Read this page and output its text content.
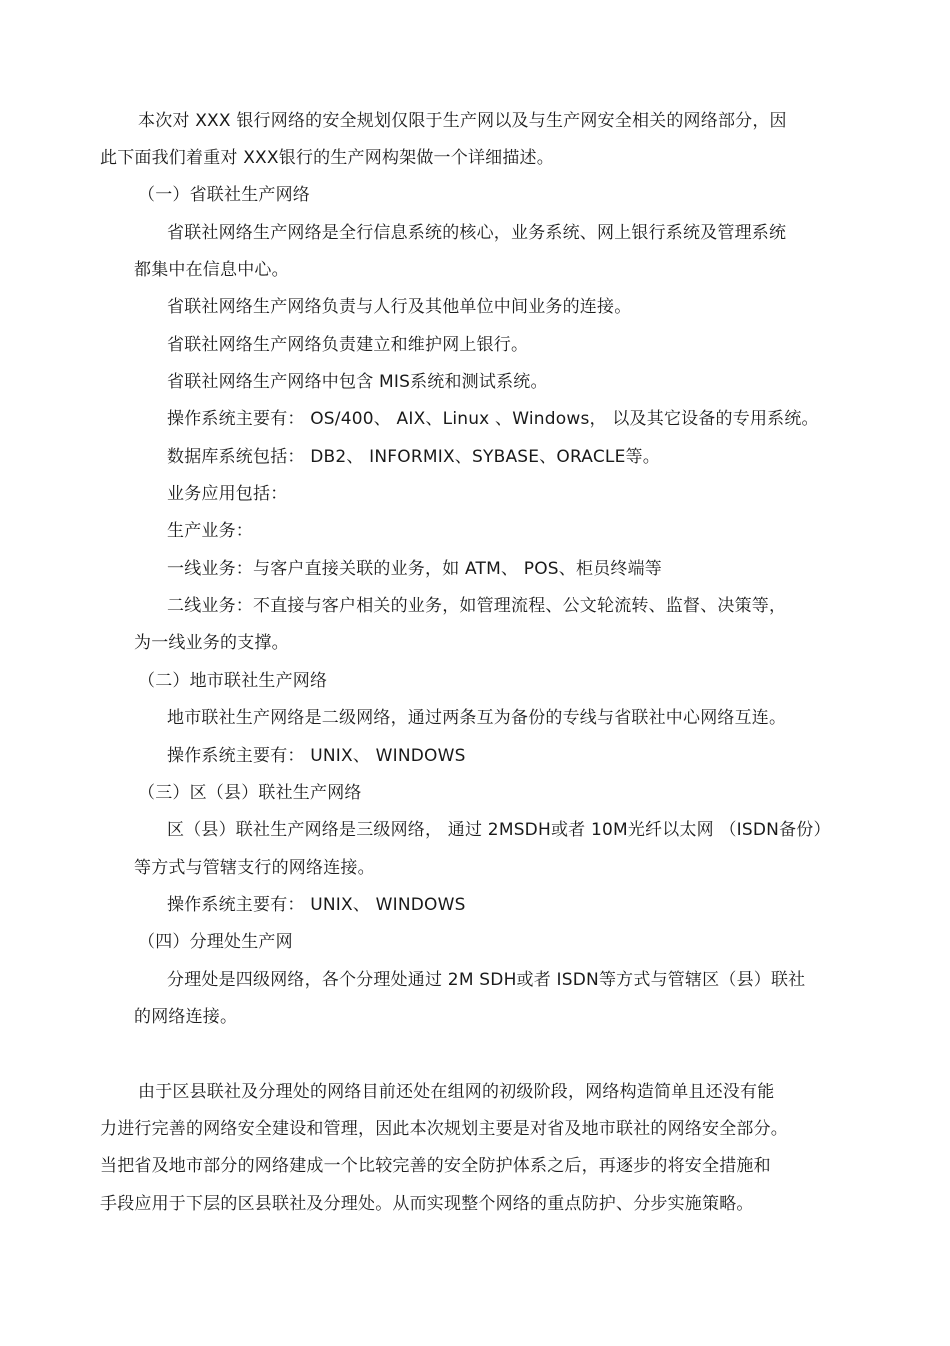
本次对 XXX 银行网络的安全规划仅限于生产网以及与生产网安全相关的网络部分，因
此下面我们着重对 XXX银行的生产网构架做一个详细描述。
（一）省联社生产网络
省联社网络生产网络是全行信息系统的核心，业务系统、网上银行系统及管理系统
都集中在信息中心。
省联社网络生产网络负责与人行及其他单位中间业务的连接。
省联社网络生产网络负责建立和维护网上银行。
省联社网络生产网络中包含 MIS系统和测试系统。
操作系统主要有： OS/400、 AIX、Linux 、Windows， 以及其它设备的专用系统。
数据库系统包括： DB2、 INFORMIX、SYBASE、ORACLE等。
业务应用包括：
生产业务：
一线业务：与客户直接关联的业务，如 ATM、 POS、柜员终端等
二线业务：不直接与客户相关的业务，如管理流程、公文轮流转、监督、决策等，
为一线业务的支撑。
（二）地市联社生产网络
地市联社生产网络是二级网络，通过两条互为备份的专线与省联社中心网络互连。
操作系统主要有： UNIX、 WINDOWS
（三）区（县）联社生产网络
区（县）联社生产网络是三级网络， 通过 2MSDH或者 10M光纤以太网 （ISDN备份）
等方式与管辖支行的网络连接。
操作系统主要有： UNIX、 WINDOWS
（四）分理处生产网
分理处是四级网络，各个分理处通过 2M SDH或者 ISDN等方式与管辖区（县）联社
的网络连接。
由于区县联社及分理处的网络目前还处在组网的初级阶段，网络构造简单且还没有能
力进行完善的网络安全建设和管理，因此本次规划主要是对省及地市联社的网络安全部分。
当把省及地市部分的网络建成一个比较完善的安全防护体系之后，再逐步的将安全措施和
手段应用于下层的区县联社及分理处。从而实现整个网络的重点防护、分步实施策略。
